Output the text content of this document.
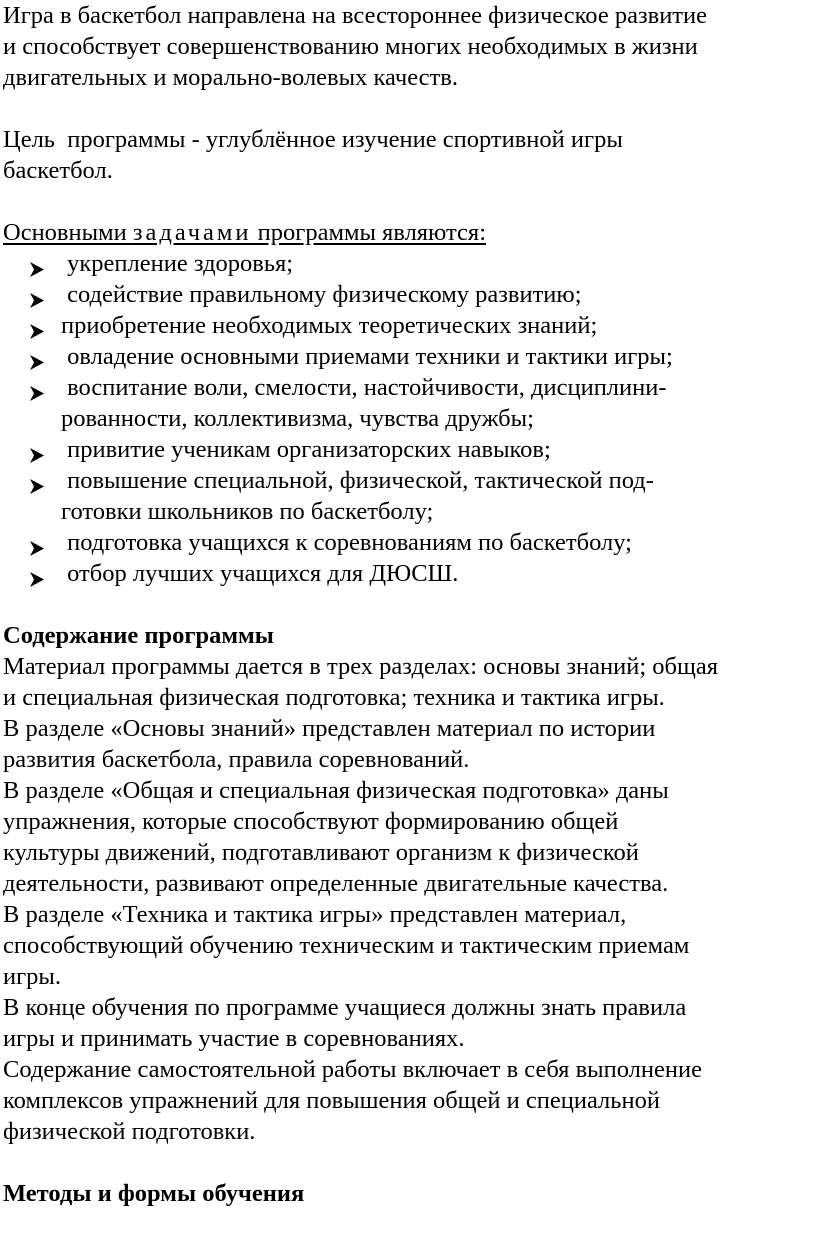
Игра в баскетбол направлена на всестороннее физическое развитие

и способствует совершенствованию многих необходимых в жизни

двигательных и морально-волевых качеств.

Цель  программы - углублённое изучение спортивной игры

баскетбол.

Основными задачами программы являются:

укрепление здоровья;
содействие правильному физическому развитию;
приобретение необходимых теоретических знаний;
овладение основными приемами техники и тактики игры;
воспитание воли, смелости, настойчивости, дисциплини-
рованности, коллективизма, чувства дружбы;
привитие ученикам организаторских навыков;
повышение специальной, физической, тактической под-
готовки школьников по баскетболу;
подготовка учащихся к соревнованиям по баскетболу;
отбор лучших учащихся для ДЮСШ.

Содержание программы

Материал программы дается в трех разделах: основы знаний; общая

и специальная физическая подготовка; техника и тактика игры.

В разделе «Основы знаний» представлен материал по истории

развития баскетбола, правила соревнований.

В разделе «Общая и специальная физическая подготовка» даны

упражнения, которые способствуют формированию общей

культуры движений, подготавливают организм к физической

деятельности, развивают определенные двигательные качества.

В разделе «Техника и тактика игры» представлен материал,

способствующий обучению техническим и тактическим приемам

игры.

В конце обучения по программе учащиеся должны знать правила

игры и принимать участие в соревнованиях.

Содержание самостоятельной работы включает в себя выполнение

комплексов упражнений для повышения общей и специальной

физической подготовки.

Методы и формы обучения
